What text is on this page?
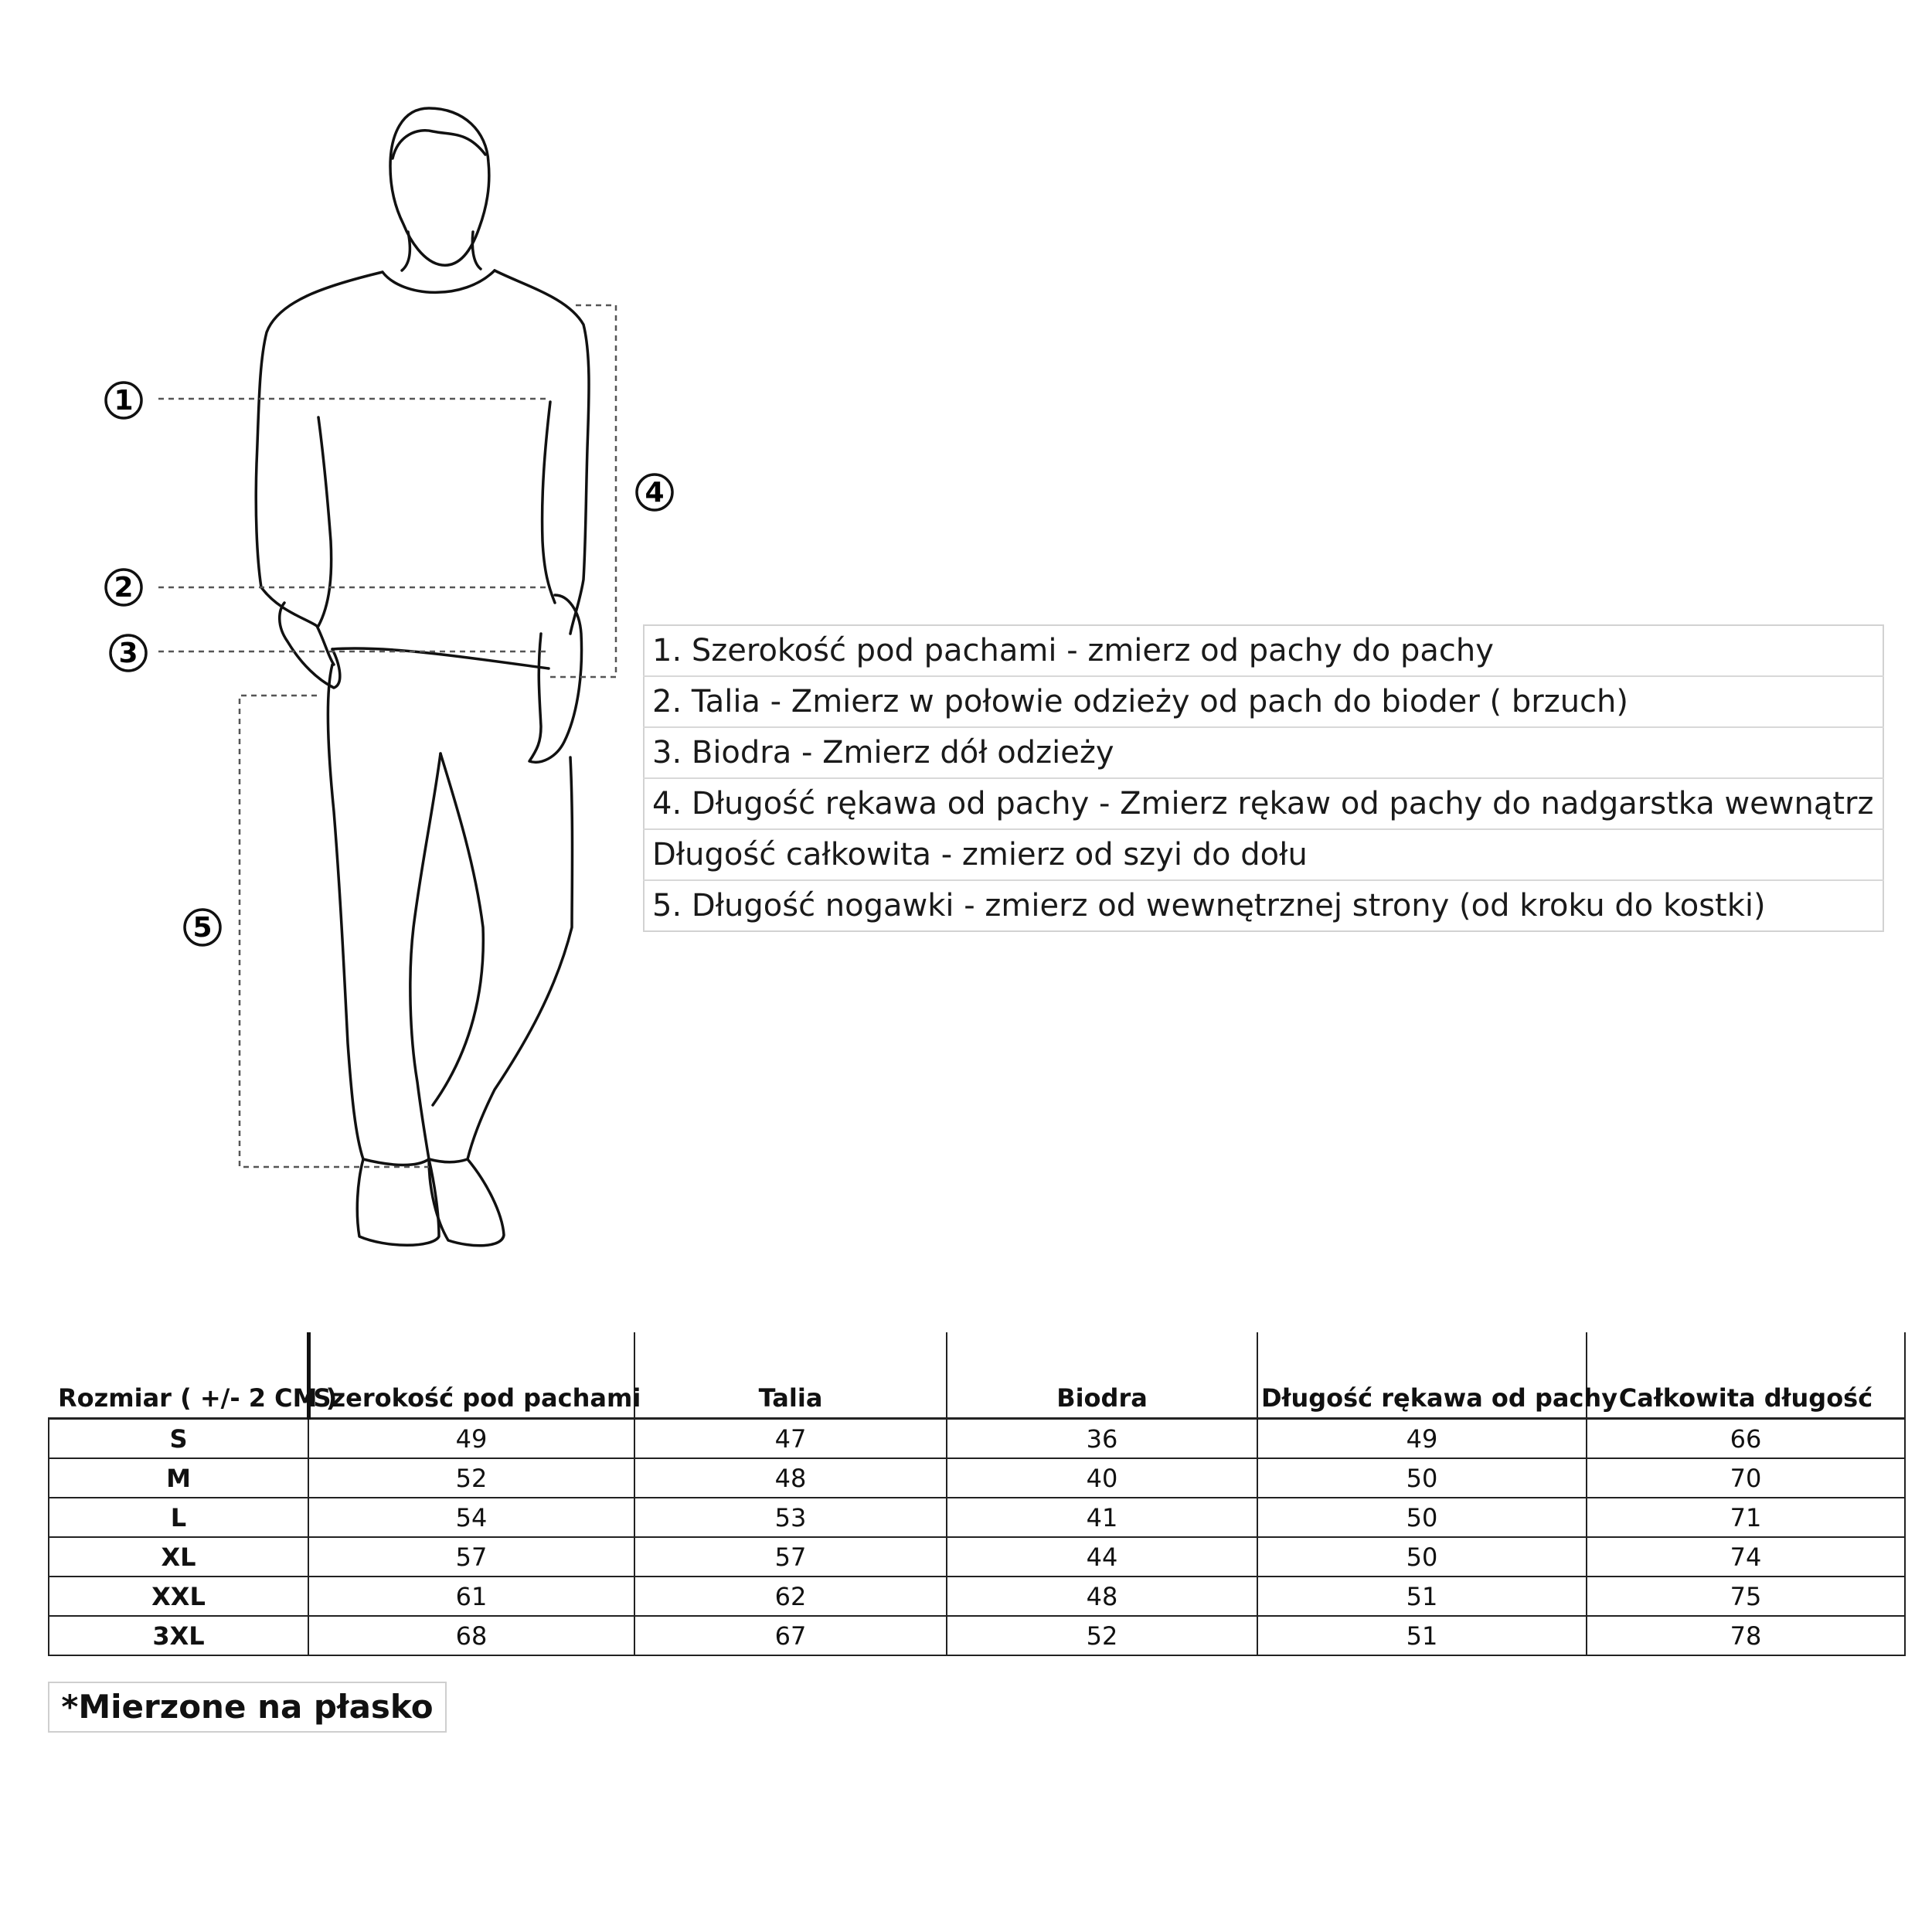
1
2
3
4
5
1. Szerokość pod pachami - zmierz od pachy do pachy
2. Talia - Zmierz w połowie odzieży od pach do bioder ( brzuch)
3. Biodra - Zmierz dół odzieży
4. Długość rękawa od pachy - Zmierz rękaw od pachy do nadgarstka wewnątrz
Długość całkowita - zmierz od szyi do dołu
5. Długość nogawki - zmierz od wewnętrznej strony (od kroku do kostki)
Rozmiar ( +/- 2 CM )	Szerokość pod pachami	Talia	Biodra	Długość rękawa od pachy	Całkowita długość
S	49	47	36	49	66
M	52	48	40	50	70
L	54	53	41	50	71
XL	57	57	44	50	74
XXL	61	62	48	51	75
3XL	68	67	52	51	78
*Mierzone na płasko
